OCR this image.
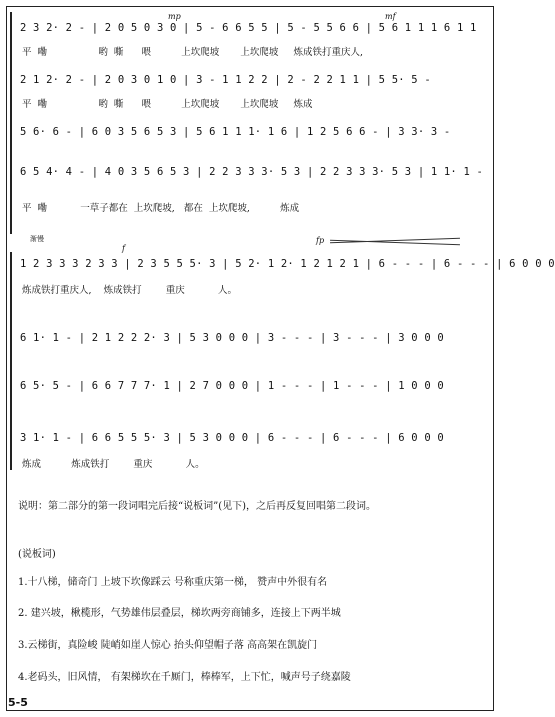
mp	mf
2 3 2· 2 - | 2 0 5 0 3 0 | 5 - 6 6 5 5 | 5 - 5 5 6 6 | 5 6 1 1 1 6 1 1
平  嘞                 哟  嘶      喂          上坎爬坡       上坎爬坡     炼成铁打重庆人,
2 1 2· 2 - | 2 0 3 0 1 0 | 3 - 1 1 2 2 | 2 - 2 2 1 1 | 5 5· 5 -
平  嘞                 哟  嘶      喂          上坎爬坡       上坎爬坡     炼成
5 6· 6 - | 6 0 3 5 6 5 3 | 5 6 1 1 1· 1 6 | 1 2 5 6 6 - | 3 3· 3 -
6 5 4· 4 - | 4 0 3 5 6 5 3 | 2 2 3 3 3· 5 3 | 2 2 3 3 3· 5 3 | 1 1· 1 -
平  嘞           一草子都在  上坎爬坡,   都在  上坎爬坡,          炼成
渐慢
f
fp
1 2 3 3 3 2 3 3 | 2 3 5 5 5· 3 | 5 2· 1 2· 1 2 1 2 1 | 6 - - - | 6 - - - | 6 0 0 0
炼成铁打重庆人,    炼成铁打        重庆           人。
6 1· 1 - | 2 1 2 2 2· 3 | 5 3 0 0 0 | 3 - - - | 3 - - - | 3 0 0 0
6 5· 5 - | 6 6 7 7 7· 1 | 2 7 0 0 0 | 1 - - - | 1 - - - | 1 0 0 0
3 1· 1 - | 6 6 5 5 5· 3 | 5 3 0 0 0 | 6 - - - | 6 - - - | 6 0 0 0
炼成          炼成铁打        重庆           人。
说明：第二部分的第一段词唱完后接“说板词”(见下)，之后再反复回唱第二段词。
(说板词)
1.十八梯，储奇门 上坡下坎像踩云 号称重庆第一梯， 赞声中外很有名
2. 建兴坡，楸榄形，气势雄伟层叠层，梯坎两旁商铺多，连接上下两半城
3.云梯街，真险峻 陡峭如崖人惊心 抬头仰望帽子落 高高架在凯旋门
4.老码头，旧风情， 有架梯坎在千厮门，棒棒军，上下忙，喊声号子绕嘉陵
5-5
